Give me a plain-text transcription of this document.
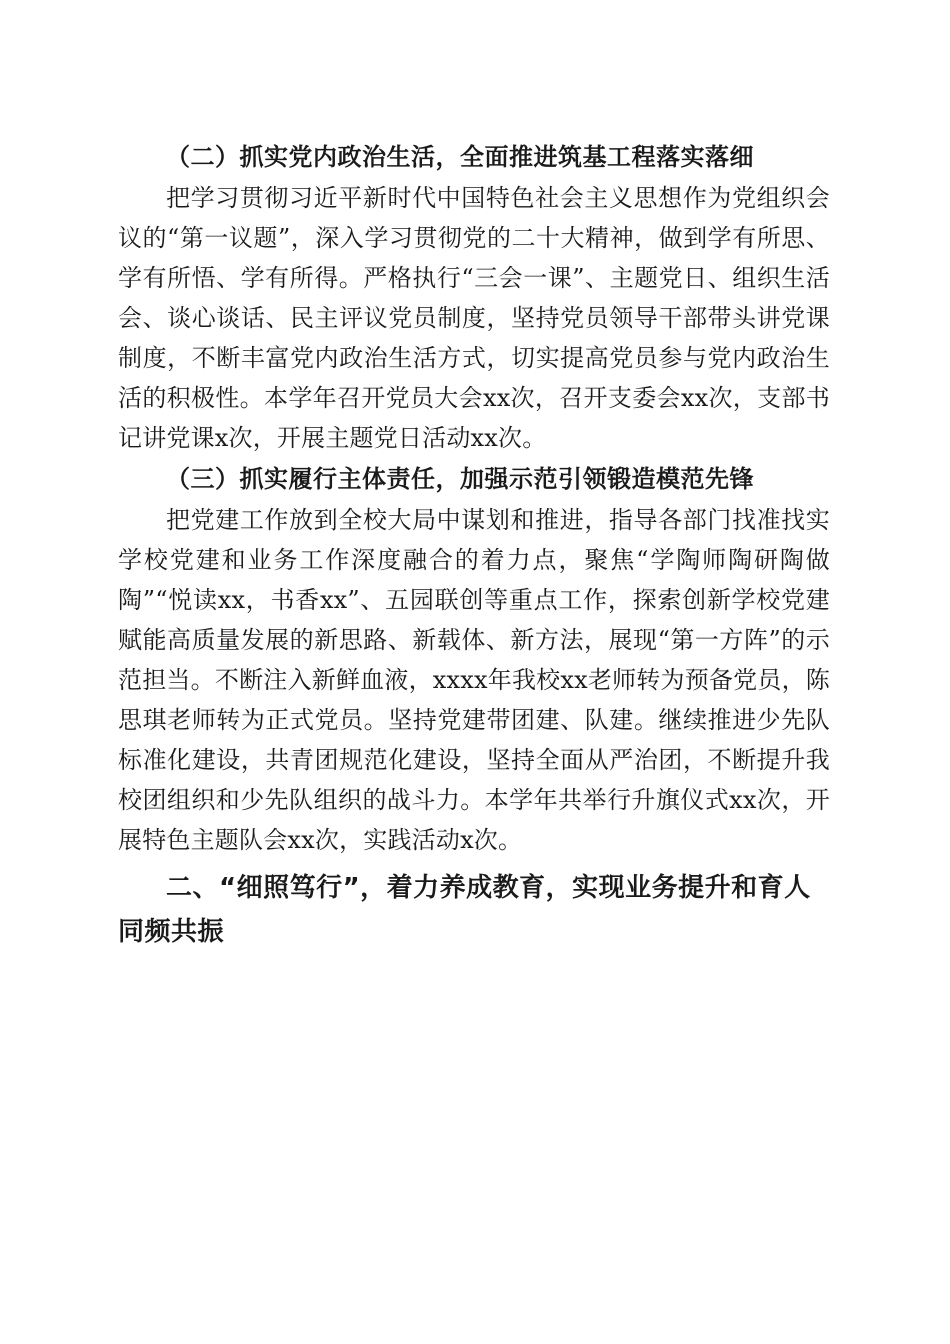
（二）抓实党内政治生活，全面推进筑基工程落实落细

把学习贯彻习近平新时代中国特色社会主义思想作为党组织会议的“第一议题”，深入学习贯彻党的二十大精神，做到学有所思、学有所悟、学有所得。严格执行“三会一课”、主题党日、组织生活会、谈心谈话、民主评议党员制度，坚持党员领导干部带头讲党课制度，不断丰富党内政治生活方式，切实提高党员参与党内政治生活的积极性。本学年召开党员大会xx次，召开支委会xx次，支部书记讲党课x次，开展主题党日活动xx次。

（三）抓实履行主体责任，加强示范引领锻造模范先锋

把党建工作放到全校大局中谋划和推进，指导各部门找准找实学校党建和业务工作深度融合的着力点，聚焦“学陶师陶研陶做陶”“悦读xx，书香xx”、五园联创等重点工作，探索创新学校党建赋能高质量发展的新思路、新载体、新方法，展现“第一方阵”的示范担当。不断注入新鲜血液，xxxx年我校xx老师转为预备党员，陈思琪老师转为正式党员。坚持党建带团建、队建。继续推进少先队标准化建设，共青团规范化建设，坚持全面从严治团，不断提升我校团组织和少先队组织的战斗力。本学年共举行升旗仪式xx次，开展特色主题队会xx次，实践活动x次。

二、“细照笃行”，着力养成教育，实现业务提升和育人同频共振
